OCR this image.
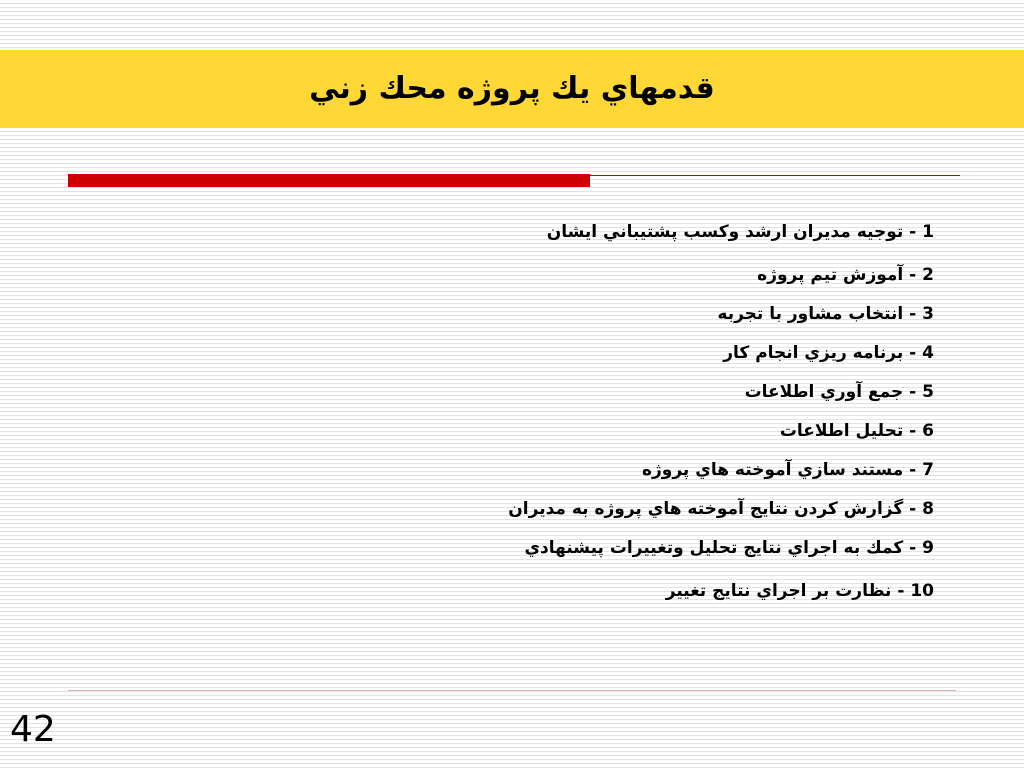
قدمهاي يك پروژه محك زني
1 - توجيه مديران ارشد وكسب پشتيباني ايشان
2 - آموزش تيم پروژه
3 - انتخاب مشاور با تجربه
4 - برنامه ريزي انجام كار
5 - جمع آوري اطلاعات
6 - تحليل اطلاعات
7 - مستند سازي آموخته هاي پروژه
8 - گزارش كردن نتايج آموخته هاي پروژه به مديران
9 - كمك به اجراي نتايج تحليل وتغييرات پيشنهادي
10 - نظارت بر اجراي نتايج تغيير

42
